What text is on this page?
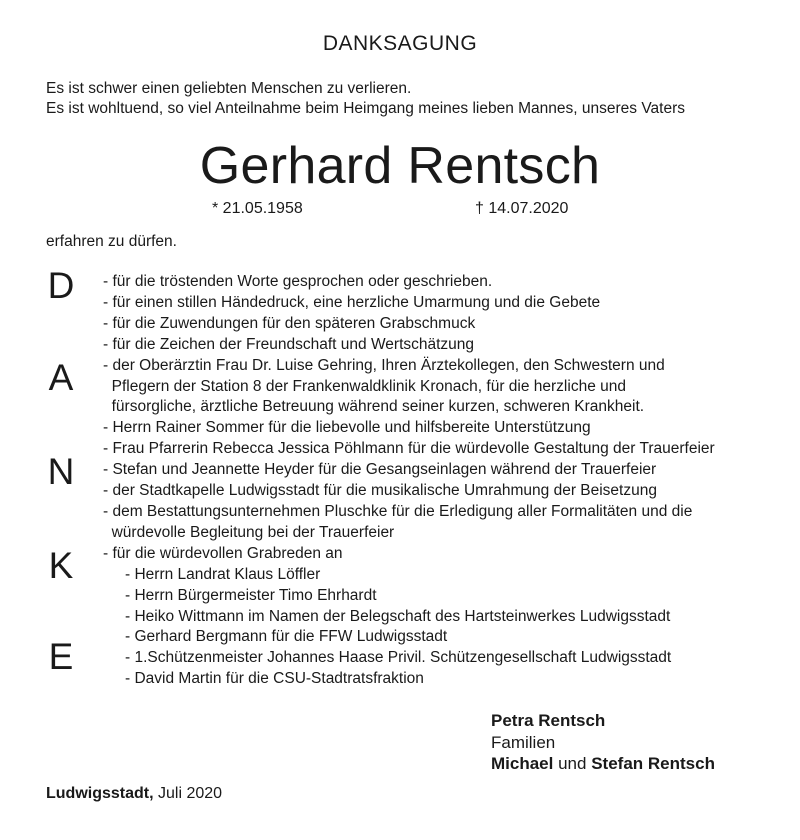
DANKSAGUNG
Es ist schwer einen geliebten Menschen zu verlieren.
Es ist wohltuend, so viel Anteilnahme beim Heimgang meines lieben Mannes, unseres Vaters
Gerhard Rentsch
* 21.05.1958	† 14.07.2020
erfahren zu dürfen.
D
A
N
K
E
- für die tröstenden Worte gesprochen oder geschrieben.
- für einen stillen Händedruck, eine herzliche Umarmung und die Gebete
- für die Zuwendungen für den späteren Grabschmuck
- für die Zeichen der Freundschaft und Wertschätzung
- der Oberärztin Frau Dr. Luise Gehring, Ihren Ärztekollegen, den Schwestern und
Pflegern der Station 8 der Frankenwaldklinik Kronach, für die herzliche und
fürsorgliche, ärztliche Betreuung während seiner kurzen, schweren Krankheit.
- Herrn Rainer Sommer für die liebevolle und hilfsbereite Unterstützung
- Frau Pfarrerin Rebecca Jessica Pöhlmann für die würdevolle Gestaltung der Trauerfeier
- Stefan und Jeannette Heyder für die Gesangseinlagen während der Trauerfeier
- der Stadtkapelle Ludwigsstadt für die musikalische Umrahmung der Beisetzung
- dem Bestattungsunternehmen Pluschke für die Erledigung aller Formalitäten und die
würdevolle Begleitung bei der Trauerfeier
- für die würdevollen Grabreden an
- Herrn Landrat Klaus Löffler
- Herrn Bürgermeister Timo Ehrhardt
- Heiko Wittmann im Namen der Belegschaft des Hartsteinwerkes Ludwigsstadt
- Gerhard Bergmann für die FFW Ludwigsstadt
- 1.Schützenmeister Johannes Haase Privil. Schützengesellschaft Ludwigsstadt
- David Martin für die CSU-Stadtratsfraktion
Petra Rentsch
Familien
Michael und Stefan Rentsch
Ludwigsstadt, Juli 2020
